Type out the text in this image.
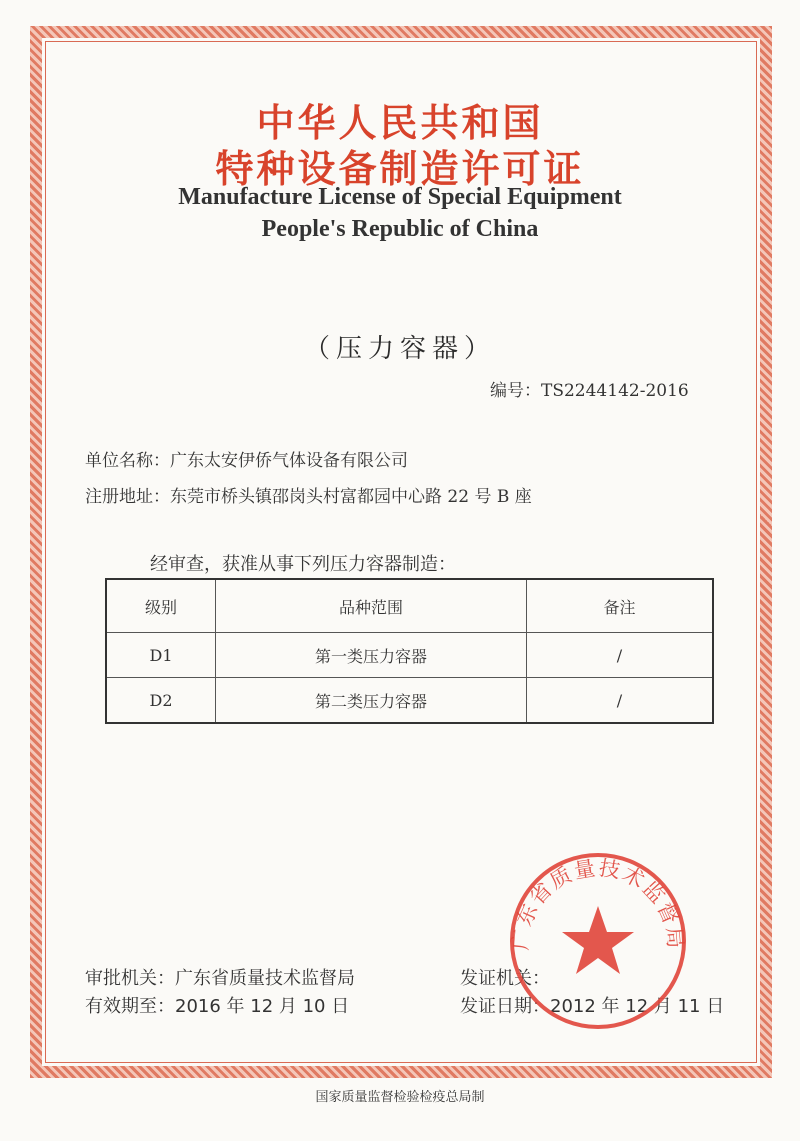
中华人民共和国
特种设备制造许可证
Manufacture License of Special Equipment
People's Republic of China
（压力容器）
编号：TS2244142-2016
单位名称：广东太安伊侨气体设备有限公司
注册地址：东莞市桥头镇邵岗头村富都园中心路 22 号 B 座
经审查，获准从事下列压力容器制造：
级别	品种范围	备注
D1	第一类压力容器	/
D2	第二类压力容器	/
审批机关：广东省质量技术监督局
有效期至：2016 年 12 月 10 日
发证机关：
发证日期：2012 年 12 月 11 日
广东省质量技术监督局
国家质量监督检验检疫总局制
